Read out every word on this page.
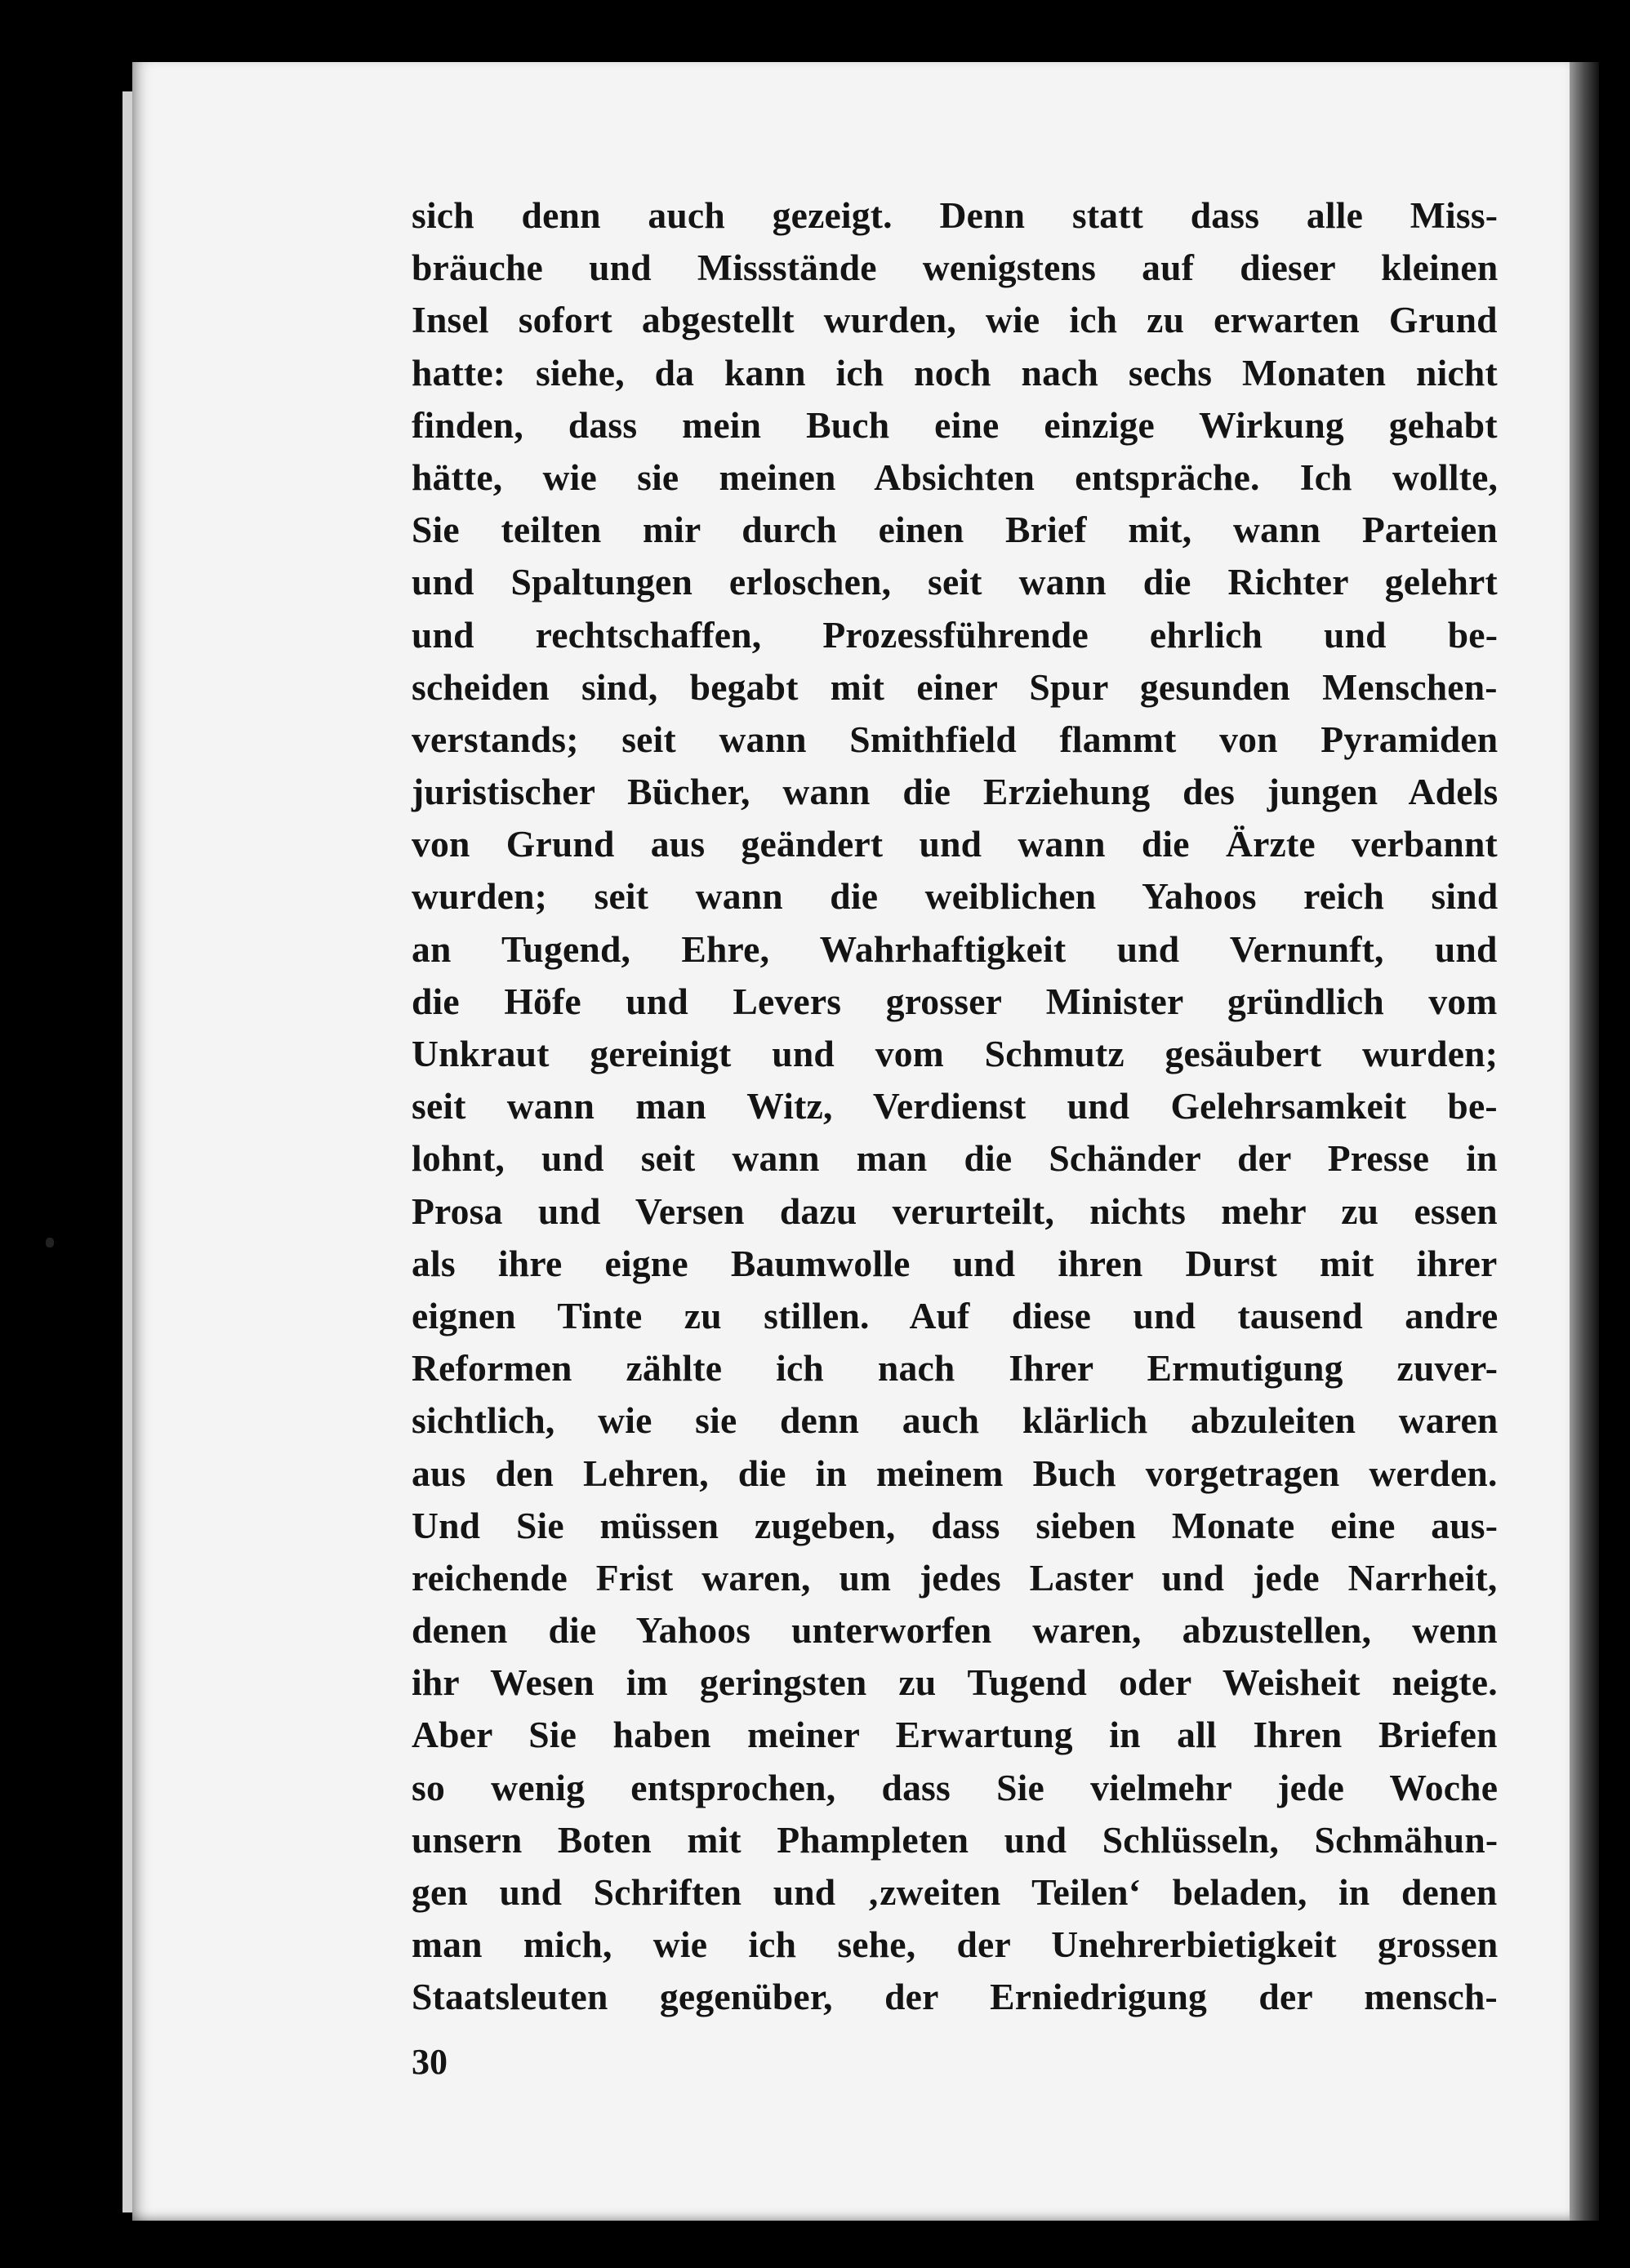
sich denn auch gezeigt. Denn statt dass alle Miss-
bräuche und Missstände wenigstens auf dieser kleinen
Insel sofort abgestellt wurden, wie ich zu erwarten Grund
hatte: siehe, da kann ich noch nach sechs Monaten nicht
finden, dass mein Buch eine einzige Wirkung gehabt
hätte, wie sie meinen Absichten entspräche. Ich wollte,
Sie teilten mir durch einen Brief mit, wann Parteien
und Spaltungen erloschen, seit wann die Richter gelehrt
und rechtschaffen, Prozessführende ehrlich und be-
scheiden sind, begabt mit einer Spur gesunden Menschen-
verstands; seit wann Smithfield flammt von Pyramiden
juristischer Bücher, wann die Erziehung des jungen Adels
von Grund aus geändert und wann die Ärzte verbannt
wurden; seit wann die weiblichen Yahoos reich sind
an Tugend, Ehre, Wahrhaftigkeit und Vernunft, und
die Höfe und Levers grosser Minister gründlich vom
Unkraut gereinigt und vom Schmutz gesäubert wurden;
seit wann man Witz, Verdienst und Gelehrsamkeit be-
lohnt, und seit wann man die Schänder der Presse in
Prosa und Versen dazu verurteilt, nichts mehr zu essen
als ihre eigne Baumwolle und ihren Durst mit ihrer
eignen Tinte zu stillen. Auf diese und tausend andre
Reformen zählte ich nach Ihrer Ermutigung zuver-
sichtlich, wie sie denn auch klärlich abzuleiten waren
aus den Lehren, die in meinem Buch vorgetragen werden.
Und Sie müssen zugeben, dass sieben Monate eine aus-
reichende Frist waren, um jedes Laster und jede Narrheit,
denen die Yahoos unterworfen waren, abzustellen, wenn
ihr Wesen im geringsten zu Tugend oder Weisheit neigte.
Aber Sie haben meiner Erwartung in all Ihren Briefen
so wenig entsprochen, dass Sie vielmehr jede Woche
unsern Boten mit Phampleten und Schlüsseln, Schmähun-
gen und Schriften und ‚zweiten Teilen‘ beladen, in denen
man mich, wie ich sehe, der Unehrerbietigkeit grossen
Staatsleuten gegenüber, der Erniedrigung der mensch-
30
